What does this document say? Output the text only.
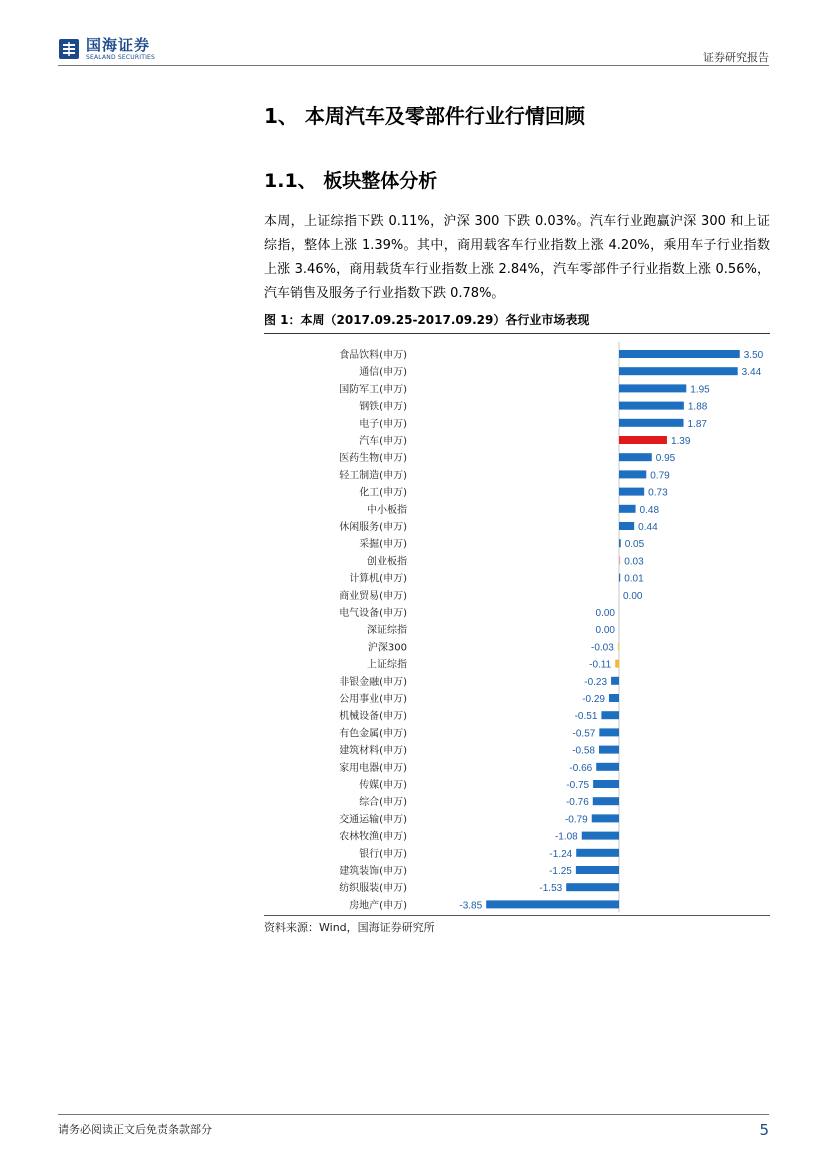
国海证券
SEALAND SECURITIES	证券研究报告
1、 本周汽车及零部件行业行情回顾
1.1、 板块整体分析
本周，上证综指下跌 0.11%，沪深 300 下跌 0.03%。汽车行业跑赢沪深 300 和上证综指，整体上涨 1.39%。其中，商用载客车行业指数上涨 4.20%，乘用车子行业指数上涨 3.46%，商用载货车行业指数上涨 2.84%，汽车零部件子行业指数上涨 0.56%，汽车销售及服务子行业指数下跌 0.78%。
图 1：本周（2017.09.25-2017.09.29）各行业市场表现
食品饮料(申万)	3.50
通信(申万)	3.44
国防军工(申万)	1.95
钢铁(申万)	1.88
电子(申万)	1.87
汽车(申万)	1.39
医药生物(申万)	0.95
轻工制造(申万)	0.79
化工(申万)	0.73
中小板指	0.48
休闲服务(申万)	0.44
采掘(申万)	0.05
创业板指	0.03
计算机(申万)	0.01
商业贸易(申万)	0.00
电气设备(申万)	0.00
深证综指	0.00
沪深300	-0.03
上证综指	-0.11
非银金融(申万)	-0.23
公用事业(申万)	-0.29
机械设备(申万)	-0.51
有色金属(申万)	-0.57
建筑材料(申万)	-0.58
家用电器(申万)	-0.66
传媒(申万)	-0.75
综合(申万)	-0.76
交通运输(申万)	-0.79
农林牧渔(申万)	-1.08
银行(申万)	-1.24
建筑装饰(申万)	-1.25
纺织服装(申万)	-1.53
房地产(申万)	-3.85
资料来源：Wind，国海证券研究所
请务必阅读正文后免责条款部分	5
